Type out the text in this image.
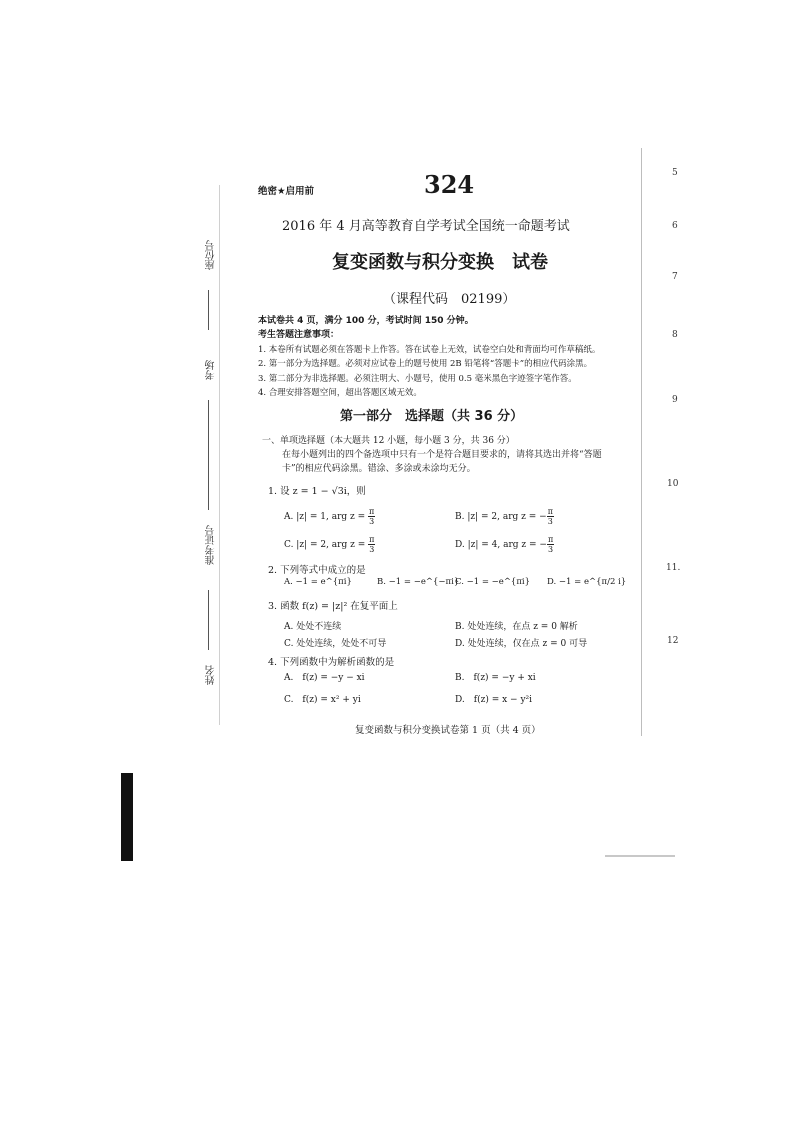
座位号
考场
准考证号
姓名
绝密★启用前	324
2016 年 4 月高等教育自学考试全国统一命题考试
复变函数与积分变换　试卷
（课程代码　02199）
本试卷共 4 页，满分 100 分，考试时间 150 分钟。
考生答题注意事项：
1. 本卷所有试题必须在答题卡上作答。答在试卷上无效，试卷空白处和背面均可作草稿纸。
2. 第一部分为选择题。必须对应试卷上的题号使用 2B 铅笔将“答题卡”的相应代码涂黑。
3. 第二部分为非选择题。必须注明大、小题号，使用 0.5 毫米黑色字迹签字笔作答。
4. 合理安排答题空间，超出答题区域无效。
第一部分　选择题（共 36 分）
一、单项选择题（本大题共 12 小题，每小题 3 分，共 36 分）
在每小题列出的四个备选项中只有一个是符合题目要求的，请将其选出并将“答题
卡”的相应代码涂黑。错涂、多涂或未涂均无分。
1. 设 z = 1 − √3i，则
A. |z| = 1, arg $z = \frac{\pi}{3}$	B. |z| = 2, arg z = − $\frac{\pi}{3}$
C. |z| = 2, arg $z = \frac{\pi}{3}$	D. |z| = 4, arg z = − $\frac{\pi}{3}$
2. 下列等式中成立的是
A. −1 = e^{πi}	B. −1 = −e^{−πi}
C. −1 = −e^{πi} D. −1 = e^{π/2 i}
3. 函数 f(z) = |z|² 在复平面上
A. 处处不连续	B. 处处连续，在点 z = 0 解析
C. 处处连续，处处不可导	D. 处处连续，仅在点 z = 0 可导
4. 下列函数中为解析函数的是
A.　f(z) = −y − xi	B.　f(z) = −y + xi
C.　f(z) = x² + yi	D.　f(z) = x − y²i
复变函数与积分变换试卷第 1 页（共 4 页）
5
6
7
8
9
10
11.
12
